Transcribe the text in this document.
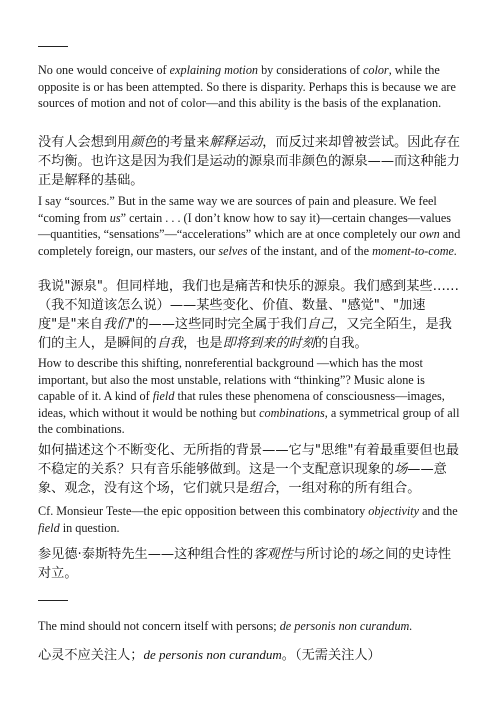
No one would conceive of explaining motion by considerations of color, while the opposite is or has been attempted. So there is disparity. Perhaps this is because we are sources of motion and not of color—and this ability is the basis of the explanation.

没有人会想到用颜色的考量来解释运动，而反过来却曾被尝试。因此存在不均衡。也许这是因为我们是运动的源泉而非颜色的源泉——而这种能力正是解释的基础。

I say “sources.” But in the same way we are sources of pain and pleasure. We feel “coming from us” certain . . . (I don’t know how to say it)—certain changes—values—quantities, “sensations”—“accelerations” which are at once completely our own and completely foreign, our masters, our selves of the instant, and of the moment-to-come.

我说"源泉"。但同样地，我们也是痛苦和快乐的源泉。我们感到某些……（我不知道该怎么说）——某些变化、价值、数量、"感觉"、"加速度"是"来自我们"的——这些同时完全属于我们自己，又完全陌生，是我们的主人，是瞬间的自我，也是即将到来的时刻的自我。

How to describe this shifting, nonreferential background —which has the most important, but also the most unstable, relations with “thinking”? Music alone is capable of it. A kind of field that rules these phenomena of consciousness—images, ideas, which without it would be nothing but combinations, a symmetrical group of all the combinations.

如何描述这个不断变化、无所指的背景——它与"思维"有着最重要但也最不稳定的关系？只有音乐能够做到。这是一个支配意识现象的场——意象、观念，没有这个场，它们就只是组合，一组对称的所有组合。

Cf. Monsieur Teste—the epic opposition between this combinatory objectivity and the field in question.

参见德·泰斯特先生——这种组合性的客观性与所讨论的场之间的史诗性对立。

The mind should not concern itself with persons; de personis non curandum.

心灵不应关注人；de personis non curandum。（无需关注人）
